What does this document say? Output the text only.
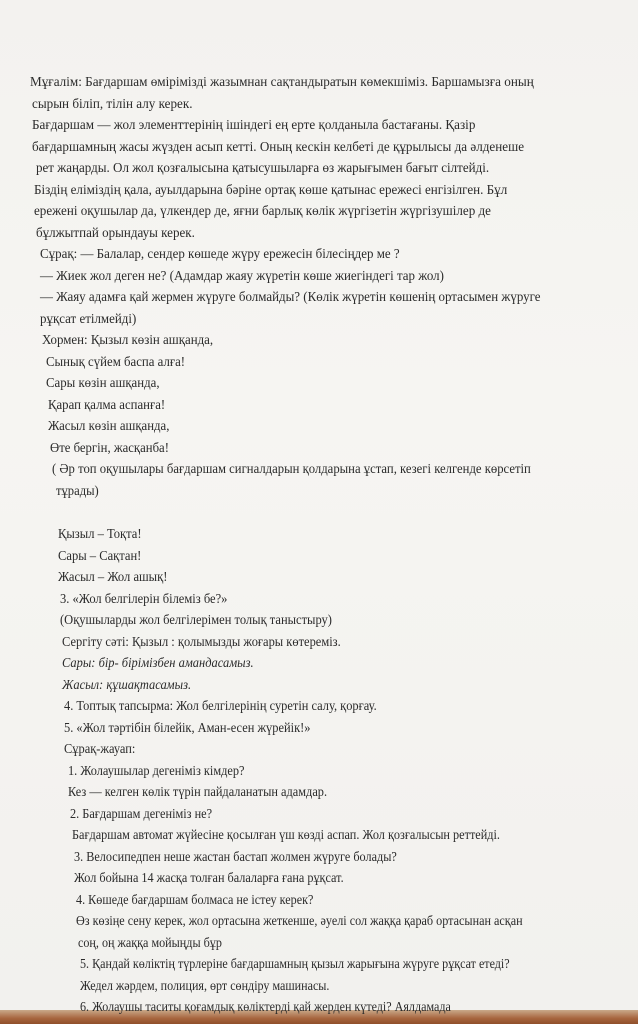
Мұғалім: Бағдаршам өмірімізді жазымнан сақтандыратын көмекшіміз. Баршамызға оның
сырын біліп, тілін алу керек.
Бағдаршам — жол элементтерінің ішіндегі ең ерте қолданыла бастағаны. Қазір
бағдаршамның жасы жүзден асып кетті. Оның кескін келбеті де құрылысы да әлденеше
рет жаңарды. Ол жол қозғалысына қатысушыларға өз жарығымен бағыт сілтейді.
Біздің еліміздің қала, ауылдарына бәріне ортақ көше қатынас ережесі енгізілген. Бұл
ережені оқушылар да, үлкендер де, яғни барлық көлік жүргізетін жүргізушілер де
бұлжытпай орындауы керек.
Сұрақ: — Балалар, сендер көшеде жүру ережесін білесіңдер ме ?
— Жиек жол деген не? (Адамдар жаяу жүретін көше жиегіндегі тар жол)
— Жаяу адамға қай жермен жүруге болмайды? (Көлік жүретін көшенің ортасымен жүруге
рұқсат етілмейді)
Хормен: Қызыл көзін ашқанда,
Сынық сүйем баспа алға!
Сары көзін ашқанда,
Қарап қалма аспанға!
Жасыл көзін ашқанда,
Өте бергін, жасқанба!
( Әр топ оқушылары бағдаршам сигналдарын қолдарына ұстап, кезегі келгенде көрсетіп
тұрады)
Қызыл – Тоқта!
Сары – Сақтан!
Жасыл – Жол ашық!
3. «Жол белгілерін білеміз бе?»
(Оқушыларды жол белгілерімен толық таныстыру)
Сергіту сәті: Қызыл : қолымызды жоғары көтереміз.
Сары: бір- бірімізбен амандасамыз.
Жасыл: құшақтасамыз.
4. Топтық тапсырма: Жол белгілерінің суретін салу, қорғау.
5. «Жол тәртібін білейік, Аман-есен жүрейік!»
Сұрақ-жауап:
1. Жолаушылар дегеніміз кімдер?
Кез — келген көлік түрін пайдаланатын адамдар.
2. Бағдаршам дегеніміз не?
Бағдаршам автомат жүйесіне қосылған үш көзді аспап. Жол қозғалысын реттейді.
3. Велосипедпен неше жастан бастап жолмен жүруге болады?
Жол бойына 14 жасқа толған балаларға ғана рұқсат.
4. Көшеде бағдаршам болмаса не істеу керек?
Өз көзіңе сену керек, жол ортасына жеткенше, әуелі сол жаққа қараб ортасынан асқан
соң, оң жаққа мойыңды бұр
5. Қандай көліктің түрлеріне бағдаршамның қызыл жарығына жүруге рұқсат етеді?
Жедел жәрдем, полиция, өрт сөндіру машинасы.
6. Жолаушы таситы қоғамдық көліктерді қай жерден күтеді? Аялдамада
